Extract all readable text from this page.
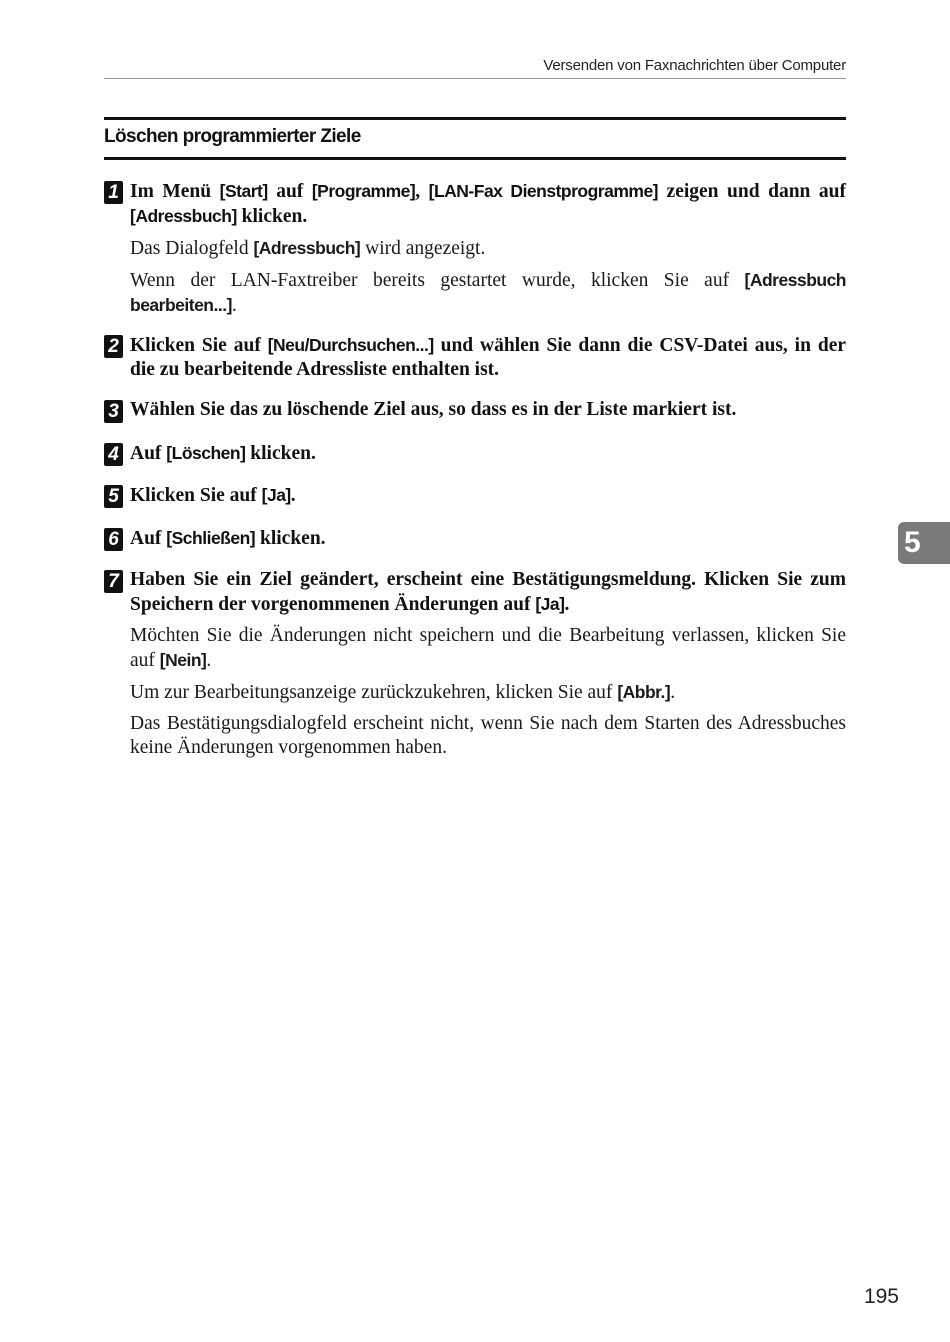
Versenden von Faxnachrichten über Computer
Löschen programmierter Ziele
1 Im Menü [Start] auf [Programme], [LAN-Fax Dienstprogramme] zeigen und dann auf [Adressbuch] klicken.
Das Dialogfeld [Adressbuch] wird angezeigt.
Wenn der LAN-Faxtreiber bereits gestartet wurde, klicken Sie auf [Adressbuch bearbeiten...].
2 Klicken Sie auf [Neu/Durchsuchen...] und wählen Sie dann die CSV-Datei aus, in der die zu bearbeitende Adressliste enthalten ist.
3 Wählen Sie das zu löschende Ziel aus, so dass es in der Liste markiert ist.
4 Auf [Löschen] klicken.
5 Klicken Sie auf [Ja].
6 Auf [Schließen] klicken.
7 Haben Sie ein Ziel geändert, erscheint eine Bestätigungsmeldung. Klicken Sie zum Speichern der vorgenommenen Änderungen auf [Ja].
Möchten Sie die Änderungen nicht speichern und die Bearbeitung verlassen, klicken Sie auf [Nein].
Um zur Bearbeitungsanzeige zurückzukehren, klicken Sie auf [Abbr.].
Das Bestätigungsdialogfeld erscheint nicht, wenn Sie nach dem Starten des Adressbuches keine Änderungen vorgenommen haben.
5
195
